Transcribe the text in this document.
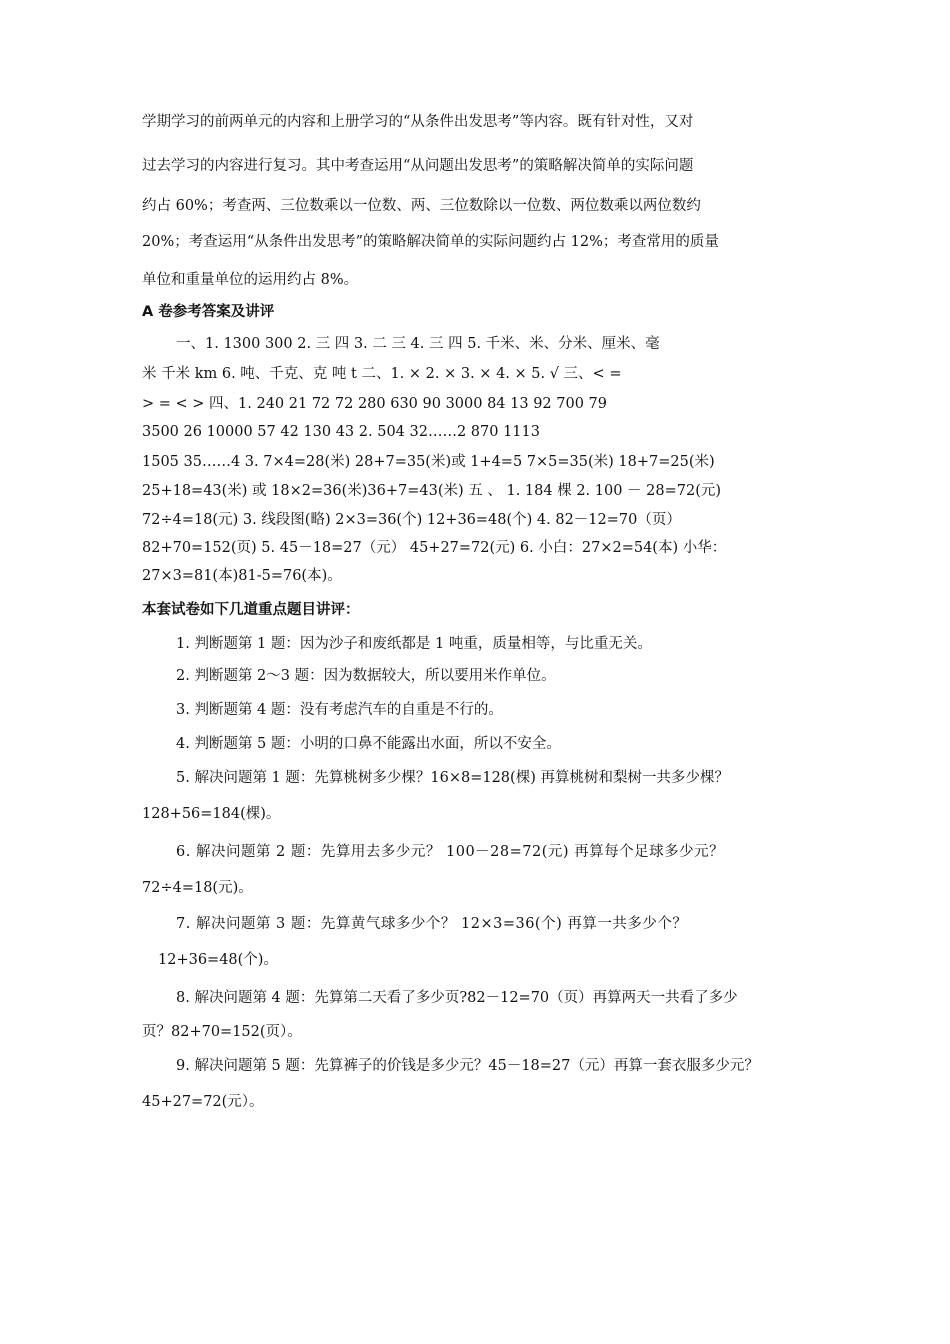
学期学习的前两单元的内容和上册学习的“从条件出发思考”等内容。既有针对性，又对
过去学习的内容进行复习。其中考查运用“从问题出发思考”的策略解决简单的实际问题
约占 60%；考查两、三位数乘以一位数、两、三位数除以一位数、两位数乘以两位数约
20%；考查运用“从条件出发思考”的策略解决简单的实际问题约占 12%；考查常用的质量
单位和重量单位的运用约占 8%。
A 卷参考答案及讲评
一、1. 1300 300 2. 三 四 3. 二 三 4. 三 四 5. 千米、米、分米、厘米、毫
米 千米 km 6. 吨、千克、克 吨 t 二、1. × 2. × 3. × 4. × 5. √ 三、< =
> = < > 四、1. 240 21 72 72 280 630 90 3000 84 13 92 700 79
3500 26 10000 57 42 130 43 2. 504 32……2 870 1113
1505 35……4 3. 7×4=28(米) 28+7=35(米)或 1+4=5 7×5=35(米) 18+7=25(米)
25+18=43(米) 或 18×2=36(米)36+7=43(米) 五 、 1. 184 棵 2. 100 － 28=72(元)
72÷4=18(元) 3. 线段图(略) 2×3=36(个) 12+36=48(个) 4. 82－12=70（页）
82+70=152(页) 5. 45－18=27（元） 45+27=72(元) 6. 小白：27×2=54(本) 小华：
27×3=81(本)81-5=76(本)。
本套试卷如下几道重点题目讲评：
1. 判断题第 1 题：因为沙子和废纸都是 1 吨重，质量相等，与比重无关。
2. 判断题第 2～3 题：因为数据较大，所以要用米作单位。
3. 判断题第 4 题：没有考虑汽车的自重是不行的。
4. 判断题第 5 题：小明的口鼻不能露出水面，所以不安全。
5. 解决问题第 1 题：先算桃树多少棵？16×8=128(棵) 再算桃树和梨树一共多少棵？
128+56=184(棵)。
6. 解决问题第 2 题：先算用去多少元？ 100－28=72(元) 再算每个足球多少元？
72÷4=18(元)。
7. 解决问题第 3 题：先算黄气球多少个？ 12×3=36(个) 再算一共多少个？
12+36=48(个)。
8. 解决问题第 4 题：先算第二天看了多少页?82－12=70（页）再算两天一共看了多少
页？82+70=152(页）。
9. 解决问题第 5 题：先算裤子的价钱是多少元？45－18=27（元）再算一套衣服多少元？
45+27=72(元）。
